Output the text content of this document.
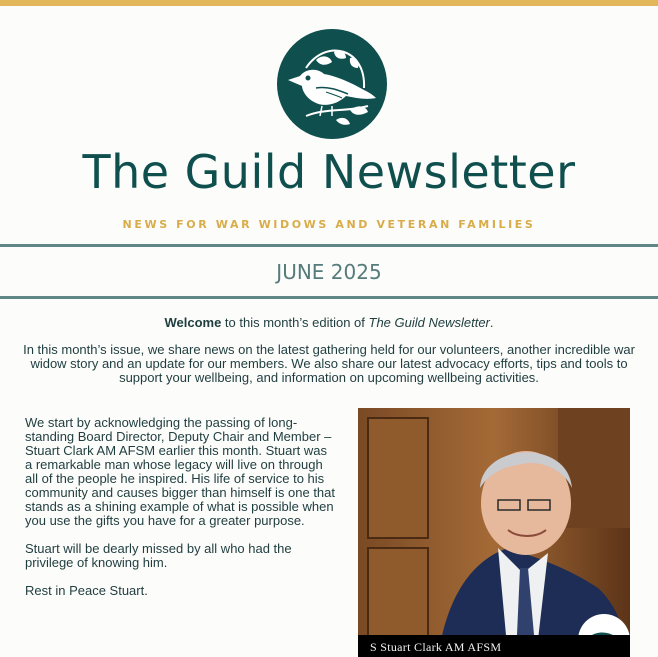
The Guild Newsletter
NEWS FOR WAR WIDOWS AND VETERAN FAMILIES
JUNE 2025
Welcome to this month’s edition of The Guild Newsletter.
In this month’s issue, we share news on the latest gathering held for our volunteers, another incredible war widow story and an update for our members. We also share our latest advocacy efforts, tips and tools to support your wellbeing, and information on upcoming wellbeing activities.

We start by acknowledging the passing of long-standing Board Director, Deputy Chair and Member – Stuart Clark AM AFSM earlier this month. Stuart was a remarkable man whose legacy will live on through all of the people he inspired. His life of service to his community and causes bigger than himself is one that stands as a shining example of what is possible when you use the gifts you have for a greater purpose.

Stuart will be dearly missed by all who had the privilege of knowing him.

Rest in Peace Stuart.

S Stuart Clark AM AFSM
